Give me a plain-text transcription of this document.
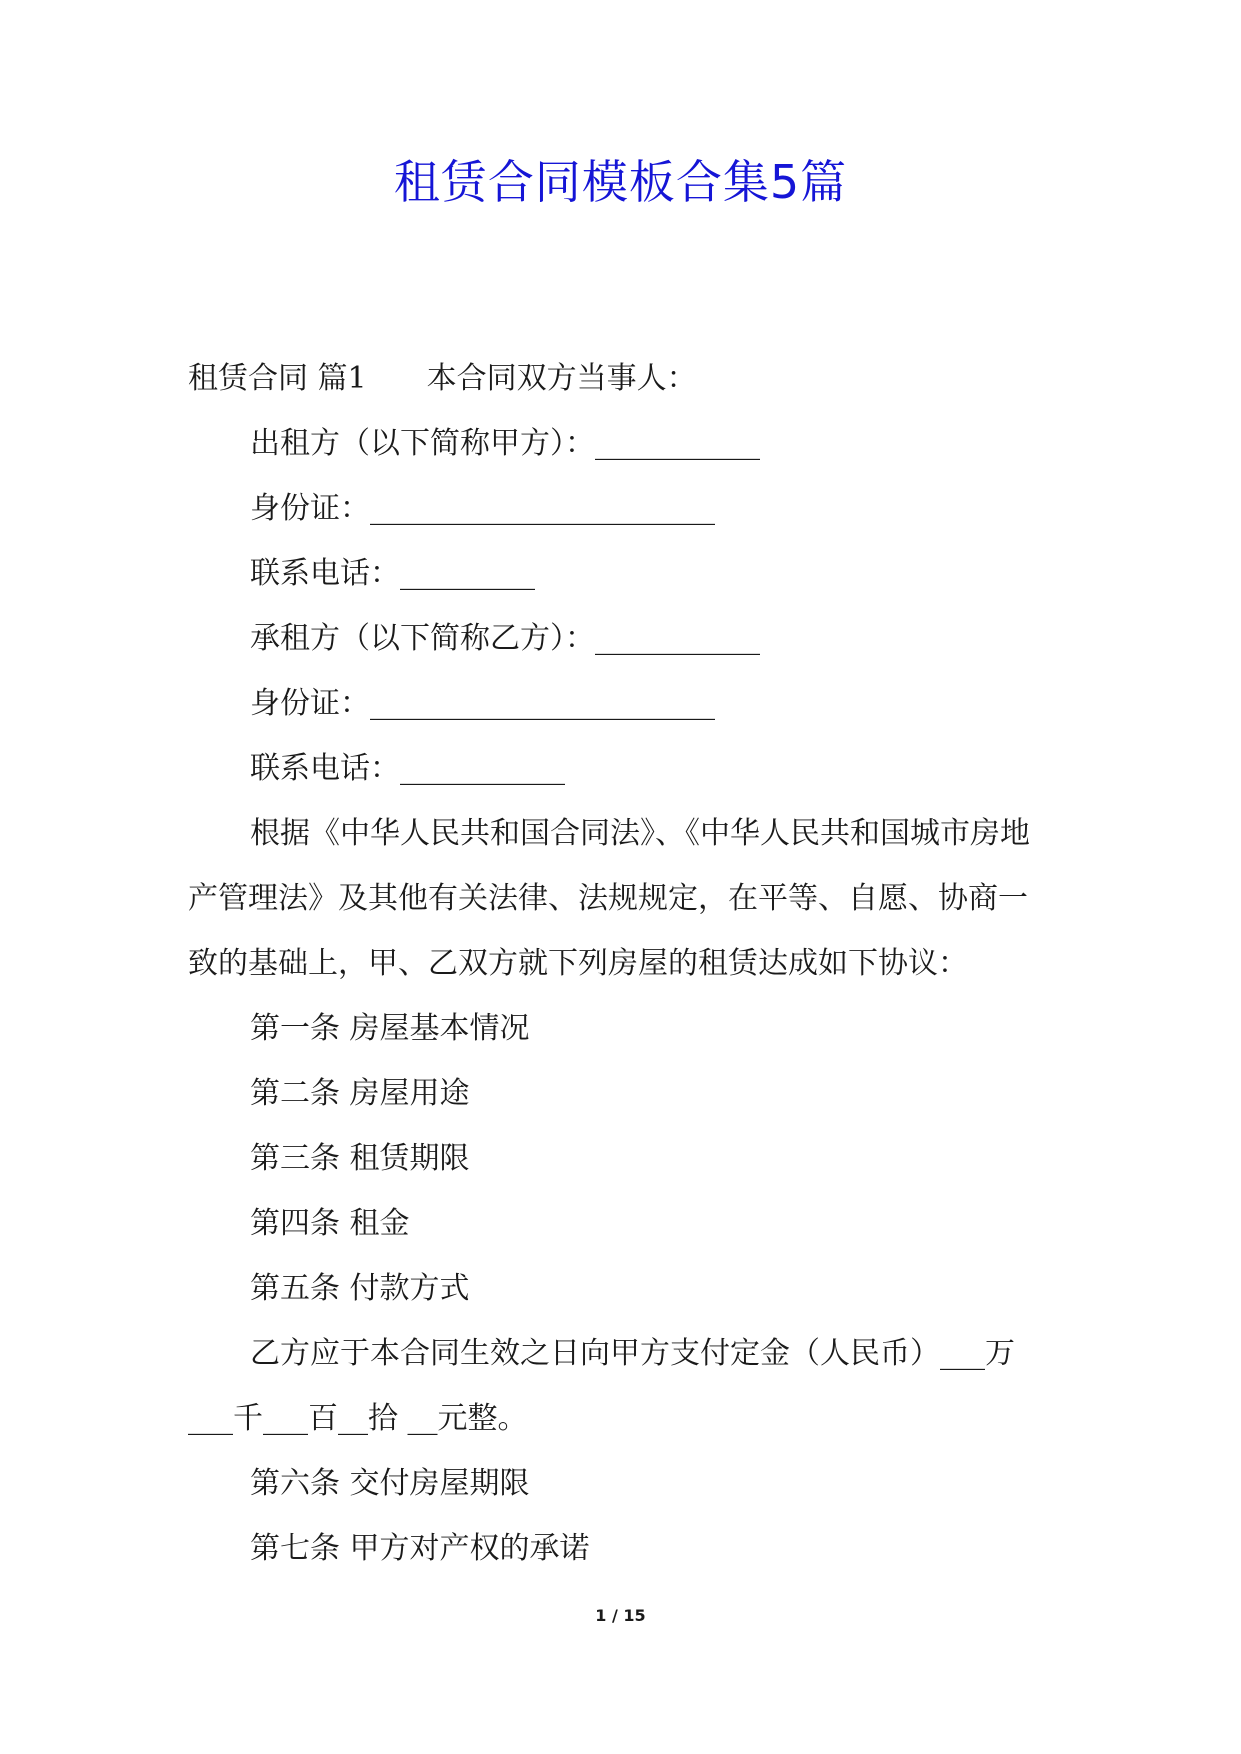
租赁合同模板合集5篇
租赁合同 篇1　　本合同双方当事人：
出租方（以下简称甲方）：___________
身份证：_______________________
联系电话：_________
承租方（以下简称乙方）：___________
身份证：_______________________
联系电话：___________
根据《中华人民共和国合同法》、《中华人民共和国城市房地
产管理法》及其他有关法律、法规规定，在平等、自愿、协商一
致的基础上，甲、乙双方就下列房屋的租赁达成如下协议：
第一条 房屋基本情况
第二条 房屋用途
第三条 租赁期限
第四条 租金
第五条 付款方式
乙方应于本合同生效之日向甲方支付定金（人民币）___万
___千___百__拾 __元整。
第六条 交付房屋期限
第七条 甲方对产权的承诺
1 / 15
